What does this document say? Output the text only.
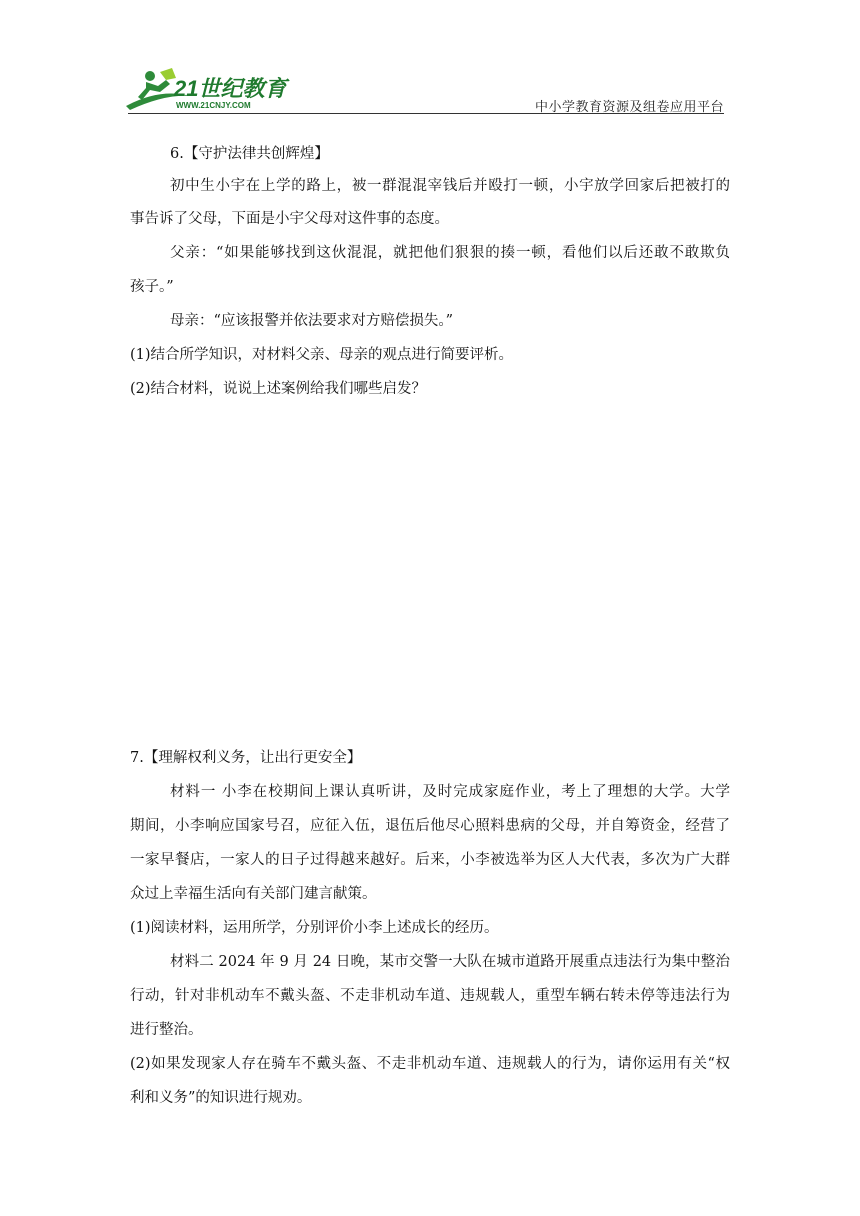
21世纪教育
WWW.21CNJY.COM	中小学教育资源及组卷应用平台
6.【守护法律共创辉煌】
初中生小宇在上学的路上，被一群混混宰钱后并殴打一顿，小宇放学回家后把被打的
事告诉了父母，下面是小宇父母对这件事的态度。
父亲：“如果能够找到这伙混混，就把他们狠狠的揍一顿，看他们以后还敢不敢欺负
孩子。”
母亲：“应该报警并依法要求对方赔偿损失。”
(1)结合所学知识，对材料父亲、母亲的观点进行简要评析。
(2)结合材料，说说上述案例给我们哪些启发？
7.【理解权利义务，让出行更安全】
材料一 小李在校期间上课认真听讲，及时完成家庭作业，考上了理想的大学。大学
期间，小李响应国家号召，应征入伍，退伍后他尽心照料患病的父母，并自筹资金，经营了
一家早餐店，一家人的日子过得越来越好。后来，小李被选举为区人大代表，多次为广大群
众过上幸福生活向有关部门建言献策。
(1)阅读材料，运用所学，分别评价小李上述成长的经历。
材料二 2024 年 9 月 24 日晚，某市交警一大队在城市道路开展重点违法行为集中整治
行动，针对非机动车不戴头盔、不走非机动车道、违规载人，重型车辆右转未停等违法行为
进行整治。
(2)如果发现家人存在骑车不戴头盔、不走非机动车道、违规载人的行为，请你运用有关“权
利和义务”的知识进行规劝。
